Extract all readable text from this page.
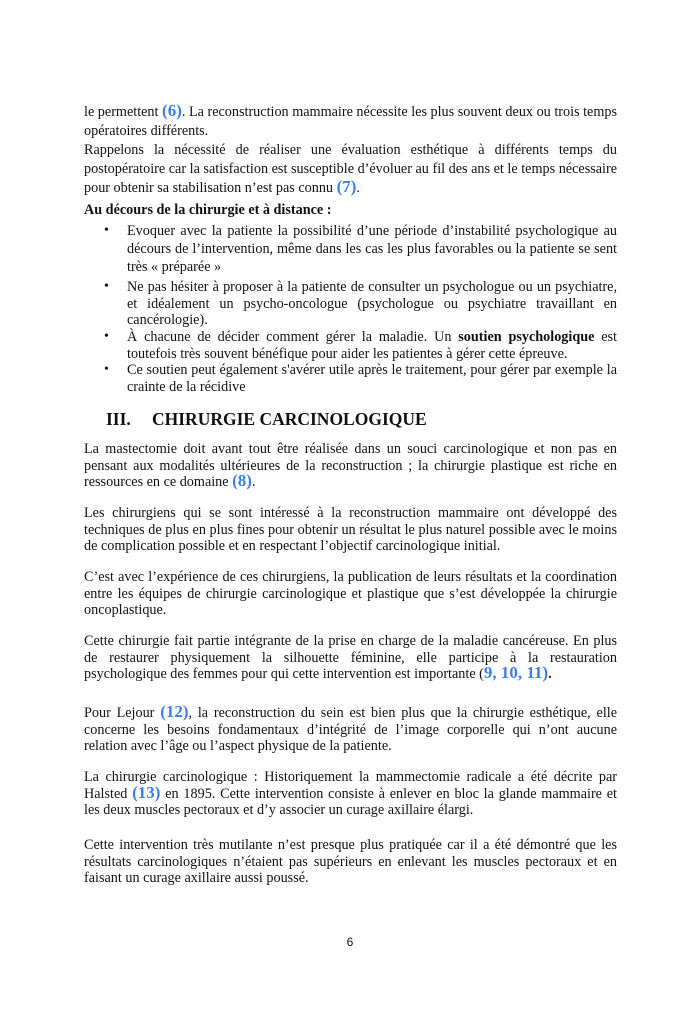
le permettent (6). La reconstruction mammaire nécessite les plus souvent deux ou trois temps opératoires différents.
Rappelons la nécessité de réaliser une évaluation esthétique à différents temps du postopératoire car la satisfaction est susceptible d’évoluer au fil des ans et le temps nécessaire pour obtenir sa stabilisation n’est pas connu (7).
Au décours de la chirurgie et à distance :
• Evoquer avec la patiente la possibilité d’une période d’instabilité psychologique au décours de l’intervention, même dans les cas les plus favorables ou la patiente se sent très « préparée »
• Ne pas hésiter à proposer à la patiente de consulter un psychologue ou un psychiatre, et idéalement un psycho-oncologue (psychologue ou psychiatre travaillant en cancérologie).
• À chacune de décider comment gérer la maladie. Un soutien psychologique est toutefois très souvent bénéfique pour aider les patientes à gérer cette épreuve.
• Ce soutien peut également s'avérer utile après le traitement, pour gérer par exemple la crainte de la récidive
III. CHIRURGIE CARCINOLOGIQUE
La mastectomie doit avant tout être réalisée dans un souci carcinologique et non pas en pensant aux modalités ultérieures de la reconstruction ; la chirurgie plastique est riche en ressources en ce domaine (8).
Les chirurgiens qui se sont intéressé à la reconstruction mammaire ont développé des techniques de plus en plus fines pour obtenir un résultat le plus naturel possible avec le moins de complication possible et en respectant l’objectif carcinologique initial.
C’est avec l’expérience de ces chirurgiens, la publication de leurs résultats et la coordination entre les équipes de chirurgie carcinologique et plastique que s’est développée la chirurgie oncoplastique.
Cette chirurgie fait partie intégrante de la prise en charge de la maladie cancéreuse. En plus de restaurer physiquement la silhouette féminine, elle participe à la restauration psychologique des femmes pour qui cette intervention est importante (9, 10, 11).
Pour Lejour (12), la reconstruction du sein est bien plus que la chirurgie esthétique, elle concerne les besoins fondamentaux d’intégrité de l’image corporelle qui n’ont aucune relation avec l’âge ou l’aspect physique de la patiente.
La chirurgie carcinologique : Historiquement la mammectomie radicale a été décrite par Halsted (13) en 1895. Cette intervention consiste à enlever en bloc la glande mammaire et les deux muscles pectoraux et d’y associer un curage axillaire élargi.
Cette intervention très mutilante n’est presque plus pratiquée car il a été démontré que les résultats carcinologiques n’étaient pas supérieurs en enlevant les muscles pectoraux et en faisant un curage axillaire aussi poussé.
6
